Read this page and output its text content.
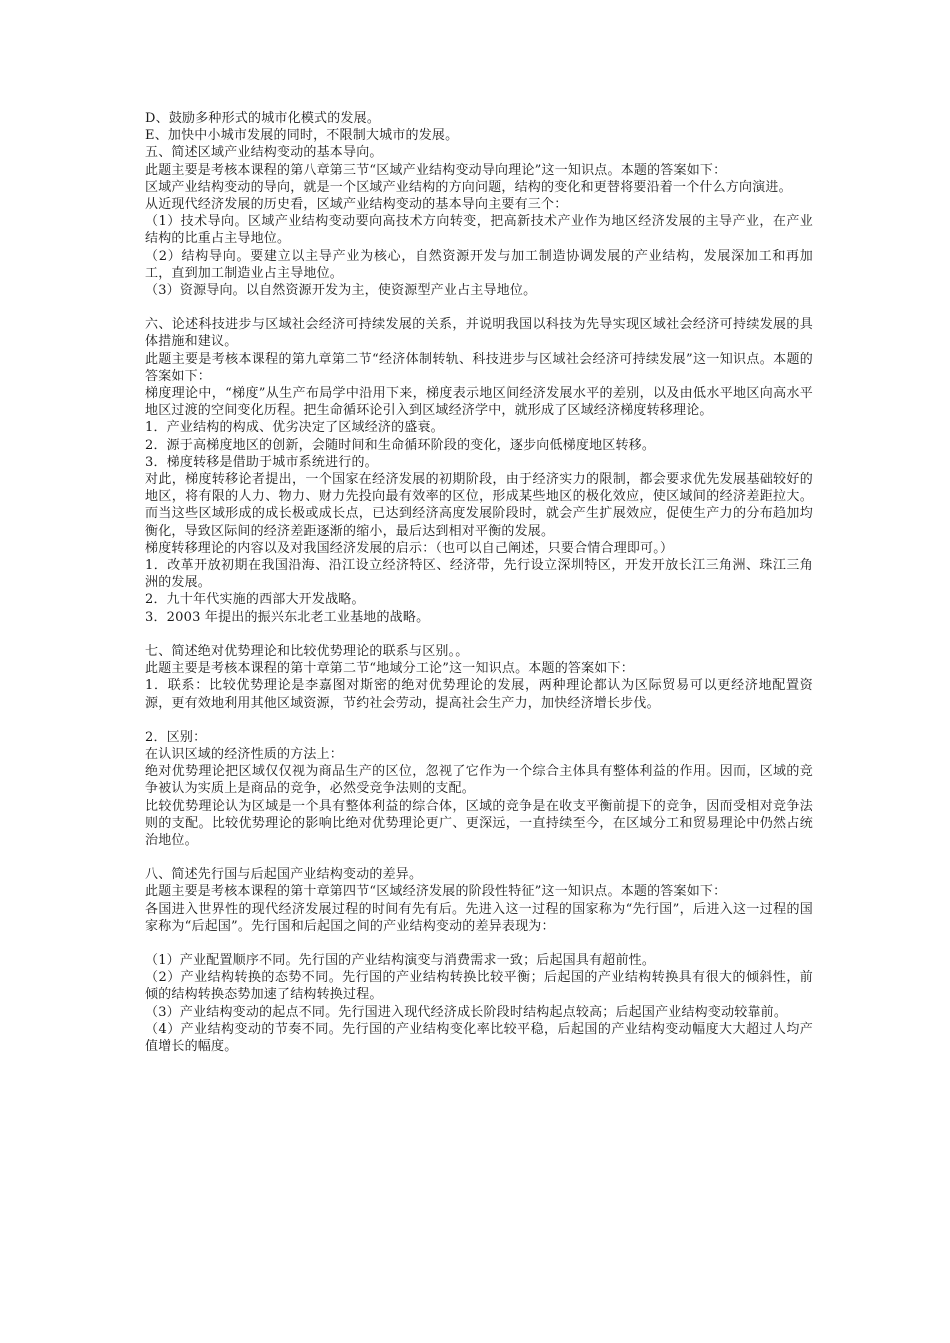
D、鼓励多种形式的城市化模式的发展。

E、加快中小城市发展的同时，不限制大城市的发展。

五、简述区域产业结构变动的基本导向。

此题主要是考核本课程的第八章第三节“区域产业结构变动导向理论”这一知识点。本题的答案如下：

区域产业结构变动的导向，就是一个区域产业结构的方向问题，结构的变化和更替将要沿着一个什么方向演进。

从近现代经济发展的历史看，区域产业结构变动的基本导向主要有三个：

（1）技术导向。区域产业结构变动要向高技术方向转变，把高新技术产业作为地区经济发展的主导产业，在产业结构的比重占主导地位。

（2）结构导向。要建立以主导产业为核心，自然资源开发与加工制造协调发展的产业结构，发展深加工和再加工，直到加工制造业占主导地位。

（3）资源导向。以自然资源开发为主，使资源型产业占主导地位。

六、论述科技进步与区域社会经济可持续发展的关系，并说明我国以科技为先导实现区域社会经济可持续发展的具体措施和建议。

此题主要是考核本课程的第九章第二节“经济体制转轨、科技进步与区域社会经济可持续发展”这一知识点。本题的答案如下：

梯度理论中，“梯度”从生产布局学中沿用下来，梯度表示地区间经济发展水平的差别，以及由低水平地区向高水平地区过渡的空间变化历程。把生命循环论引入到区域经济学中，就形成了区域经济梯度转移理论。

1．产业结构的构成、优劣决定了区域经济的盛衰。

2．源于高梯度地区的创新，会随时间和生命循环阶段的变化，逐步向低梯度地区转移。

3．梯度转移是借助于城市系统进行的。

对此，梯度转移论者提出，一个国家在经济发展的初期阶段，由于经济实力的限制，都会要求优先发展基础较好的地区，将有限的人力、物力、财力先投向最有效率的区位，形成某些地区的极化效应，使区域间的经济差距拉大。而当这些区域形成的成长极或成长点，已达到经济高度发展阶段时，就会产生扩展效应，促使生产力的分布趋加均衡化，导致区际间的经济差距逐渐的缩小，最后达到相对平衡的发展。

梯度转移理论的内容以及对我国经济发展的启示：（也可以自己阐述，只要合情合理即可。）

1．改革开放初期在我国沿海、沿江设立经济特区、经济带，先行设立深圳特区，开发开放长江三角洲、珠江三角洲的发展。

2．九十年代实施的西部大开发战略。

3．2003 年提出的振兴东北老工业基地的战略。

七、简述绝对优势理论和比较优势理论的联系与区别。。

此题主要是考核本课程的第十章第二节“地域分工论”这一知识点。本题的答案如下：

1．联系：比较优势理论是李嘉图对斯密的绝对优势理论的发展，两种理论都认为区际贸易可以更经济地配置资源，更有效地利用其他区域资源，节约社会劳动，提高社会生产力，加快经济增长步伐。

2．区别：

在认识区域的经济性质的方法上：

绝对优势理论把区域仅仅视为商品生产的区位，忽视了它作为一个综合主体具有整体利益的作用。因而，区域的竞争被认为实质上是商品的竞争，必然受竞争法则的支配。

比较优势理论认为区域是一个具有整体利益的综合体，区域的竞争是在收支平衡前提下的竞争，因而受相对竞争法则的支配。比较优势理论的影响比绝对优势理论更广、更深远，一直持续至今，在区域分工和贸易理论中仍然占统治地位。

八、简述先行国与后起国产业结构变动的差异。

此题主要是考核本课程的第十章第四节“区域经济发展的阶段性特征”这一知识点。本题的答案如下：

各国进入世界性的现代经济发展过程的时间有先有后。先进入这一过程的国家称为“先行国”，后进入这一过程的国家称为“后起国”。先行国和后起国之间的产业结构变动的差异表现为：

（1）产业配置顺序不同。先行国的产业结构演变与消费需求一致；后起国具有超前性。

（2）产业结构转换的态势不同。先行国的产业结构转换比较平衡；后起国的产业结构转换具有很大的倾斜性，前倾的结构转换态势加速了结构转换过程。

（3）产业结构变动的起点不同。先行国进入现代经济成长阶段时结构起点较高；后起国产业结构变动较靠前。

（4）产业结构变动的节奏不同。先行国的产业结构变化率比较平稳，后起国的产业结构变动幅度大大超过人均产值增长的幅度。
